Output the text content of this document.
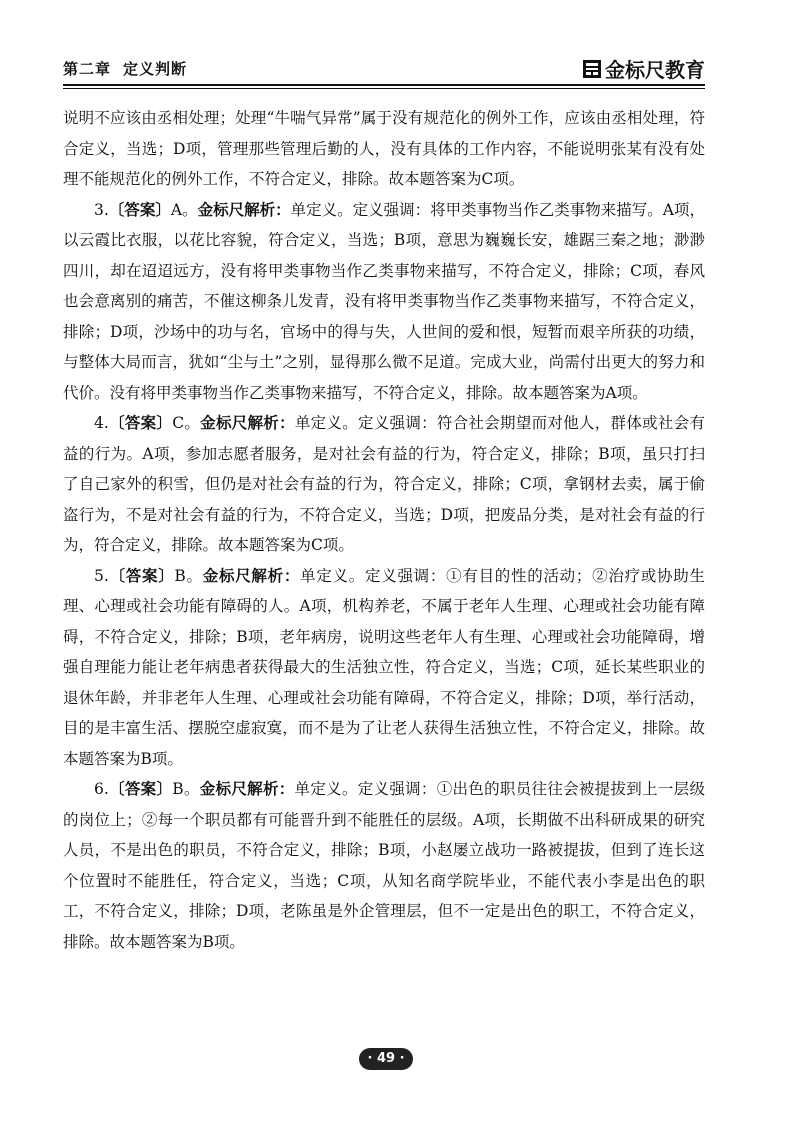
第二章 定义判断	金标尺教育

说明不应该由丞相处理；处理“牛喘气异常”属于没有规范化的例外工作，应该由丞相处理，符合定义，当选；D项，管理那些管理后勤的人，没有具体的工作内容，不能说明张某有没有处理不能规范化的例外工作，不符合定义，排除。故本题答案为C项。

3.〔答案〕A。金标尺解析：单定义。定义强调：将甲类事物当作乙类事物来描写。A项，以云霞比衣服，以花比容貌，符合定义，当选；B项，意思为巍巍长安，雄踞三秦之地；渺渺四川，却在迢迢远方，没有将甲类事物当作乙类事物来描写，不符合定义，排除；C项，春风也会意离别的痛苦，不催这柳条儿发青，没有将甲类事物当作乙类事物来描写，不符合定义，排除；D项，沙场中的功与名，官场中的得与失，人世间的爱和恨，短暂而艰辛所获的功绩，与整体大局而言，犹如“尘与土”之别，显得那么微不足道。完成大业，尚需付出更大的努力和代价。没有将甲类事物当作乙类事物来描写，不符合定义，排除。故本题答案为A项。

4.〔答案〕C。金标尺解析：单定义。定义强调：符合社会期望而对他人，群体或社会有益的行为。A项，参加志愿者服务，是对社会有益的行为，符合定义，排除；B项，虽只打扫了自己家外的积雪，但仍是对社会有益的行为，符合定义，排除；C项，拿钢材去卖，属于偷盗行为，不是对社会有益的行为，不符合定义，当选；D项，把废品分类，是对社会有益的行为，符合定义，排除。故本题答案为C项。

5.〔答案〕B。金标尺解析：单定义。定义强调：①有目的性的活动；②治疗或协助生理、心理或社会功能有障碍的人。A项，机构养老，不属于老年人生理、心理或社会功能有障碍，不符合定义，排除；B项，老年病房，说明这些老年人有生理、心理或社会功能障碍，增强自理能力能让老年病患者获得最大的生活独立性，符合定义，当选；C项，延长某些职业的退休年龄，并非老年人生理、心理或社会功能有障碍，不符合定义，排除；D项，举行活动，目的是丰富生活、摆脱空虚寂寞，而不是为了让老人获得生活独立性，不符合定义，排除。故本题答案为B项。

6.〔答案〕B。金标尺解析：单定义。定义强调：①出色的职员往往会被提拔到上一层级的岗位上；②每一个职员都有可能晋升到不能胜任的层级。A项，长期做不出科研成果的研究人员，不是出色的职员，不符合定义，排除；B项，小赵屡立战功一路被提拔，但到了连长这个位置时不能胜任，符合定义，当选；C项，从知名商学院毕业，不能代表小李是出色的职工，不符合定义，排除；D项，老陈虽是外企管理层，但不一定是出色的职工，不符合定义，排除。故本题答案为B项。

· 49 ·
